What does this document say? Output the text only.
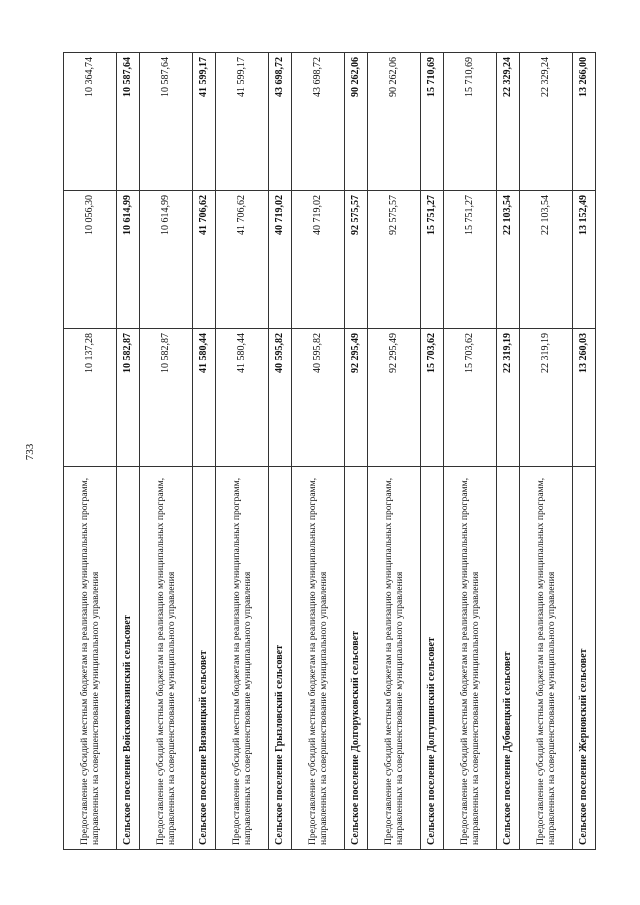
733
Предоставление субсидий местным бюджетам на реализацию муниципальных программ, направленных на совершенствование муниципального управления	10 137,28	10 056,30	10 364,74
Сельское поселение Войсковоказинский сельсовет	10 582,87	10 614,99	10 587,64
Предоставление субсидий местным бюджетам на реализацию муниципальных программ, направленных на совершенствование муниципального управления	10 582,87	10 614,99	10 587,64
Сельское поселение Визовицкий сельсовет	41 580,44	41 706,62	41 599,17
Предоставление субсидий местным бюджетам на реализацию муниципальных программ, направленных на совершенствование муниципального управления	41 580,44	41 706,62	41 599,17
Сельское поселение Грызловский сельсовет	40 595,82	40 719,02	43 698,72
Предоставление субсидий местным бюджетам на реализацию муниципальных программ, направленных на совершенствование муниципального управления	40 595,82	40 719,02	43 698,72
Сельское поселение Долгоруковский сельсовет	92 295,49	92 575,57	90 262,06
Предоставление субсидий местным бюджетам на реализацию муниципальных программ, направленных на совершенствование муниципального управления	92 295,49	92 575,57	90 262,06
Сельское поселение Долгушинский сельсовет	15 703,62	15 751,27	15 710,69
Предоставление субсидий местным бюджетам на реализацию муниципальных программ, направленных на совершенствование муниципального управления	15 703,62	15 751,27	15 710,69
Сельское поселение Дубовецкий сельсовет	22 319,19	22 103,54	22 329,24
Предоставление субсидий местным бюджетам на реализацию муниципальных программ, направленных на совершенствование муниципального управления	22 319,19	22 103,54	22 329,24
Сельское поселение Жерновский сельсовет	13 260,03	13 152,49	13 266,00
